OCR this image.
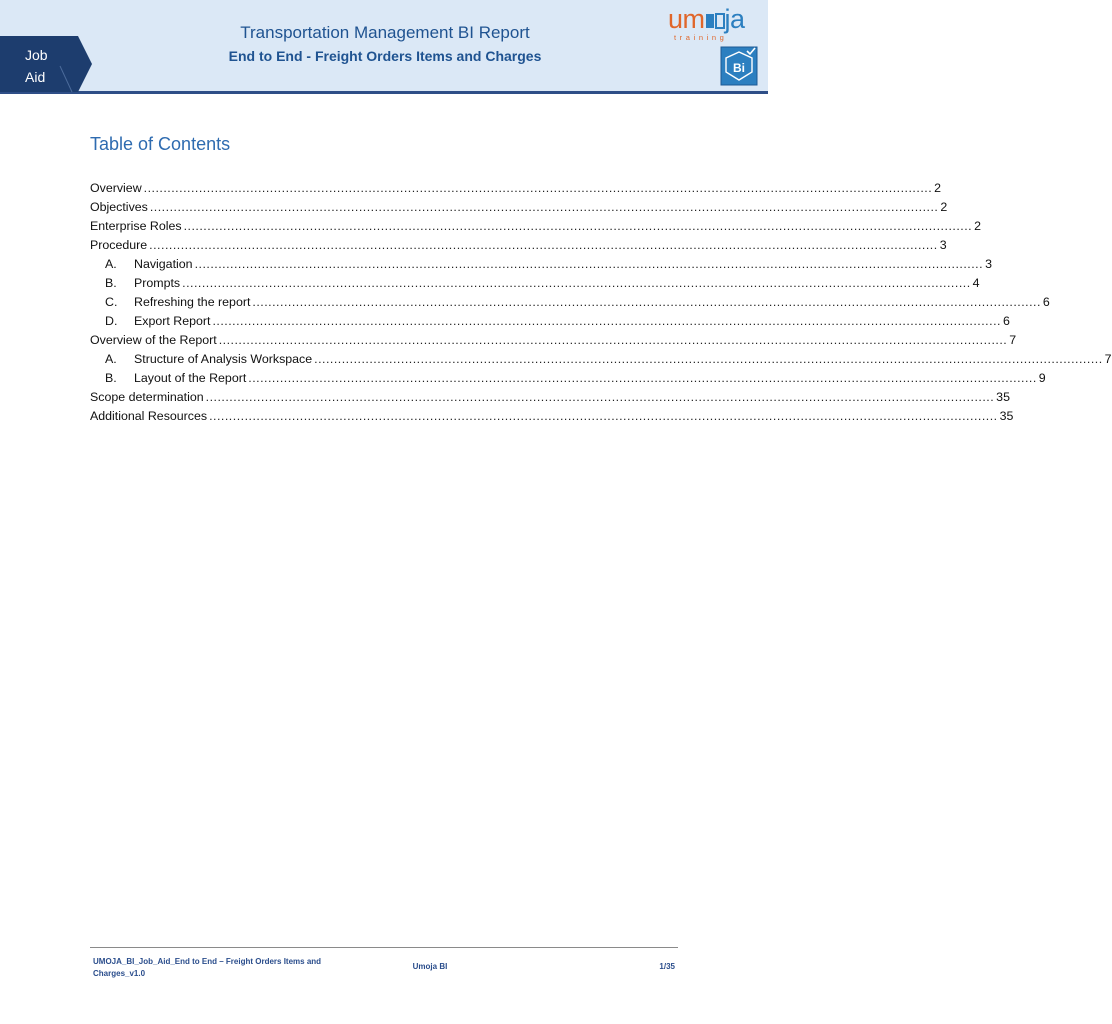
Job
Aid
Transportation Management BI Report
End to End - Freight Orders Items and Charges
um ja
training
Bi
Table of Contents
Overview ........................................................................................................................................................................................................ 2
Objectives ........................................................................................................................................................................................................ 2
Enterprise Roles ........................................................................................................................................................................................................ 2
Procedure ........................................................................................................................................................................................................ 3
A.	Navigation ........................................................................................................................................................................................................ 3
B.	Prompts ........................................................................................................................................................................................................ 4
C.	Refreshing the report ........................................................................................................................................................................................................ 6
D.	Export Report ........................................................................................................................................................................................................ 6
Overview of the Report ........................................................................................................................................................................................................ 7
A.	Structure of Analysis Workspace ........................................................................................................................................................................................................ 7
B.	Layout of the Report ........................................................................................................................................................................................................ 9
Scope determination ........................................................................................................................................................................................................ 35
Additional Resources ........................................................................................................................................................................................................ 35
UMOJA_BI_Job_Aid_End to End – Freight Orders Items and
Charges_v1.0
Umoja BI	1/35
